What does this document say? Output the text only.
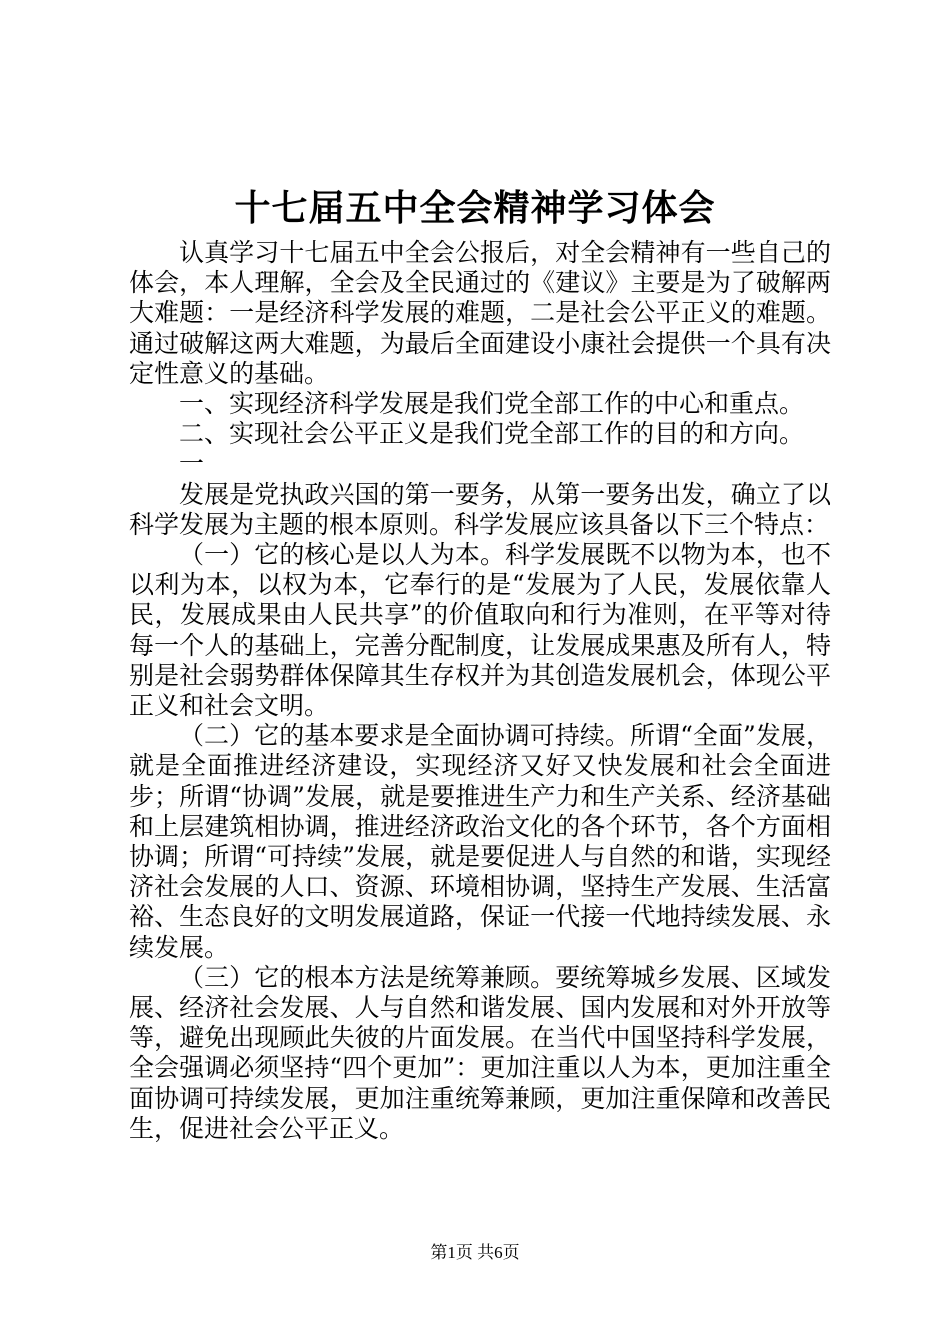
十七届五中全会精神学习体会

认真学习十七届五中全会公报后，对全会精神有一些自己的体会，本人理解，全会及全民通过的《建议》主要是为了破解两大难题：一是经济科学发展的难题，二是社会公平正义的难题。通过破解这两大难题，为最后全面建设小康社会提供一个具有决定性意义的基础。

一、实现经济科学发展是我们党全部工作的中心和重点。

二、实现社会公平正义是我们党全部工作的目的和方向。

一

发展是党执政兴国的第一要务，从第一要务出发，确立了以科学发展为主题的根本原则。科学发展应该具备以下三个特点：

（一）它的核心是以人为本。科学发展既不以物为本，也不以利为本，以权为本，它奉行的是“发展为了人民，发展依靠人民，发展成果由人民共享”的价值取向和行为准则，在平等对待每一个人的基础上，完善分配制度，让发展成果惠及所有人，特别是社会弱势群体保障其生存权并为其创造发展机会，体现公平正义和社会文明。

（二）它的基本要求是全面协调可持续。所谓“全面”发展，就是全面推进经济建设，实现经济又好又快发展和社会全面进步；所谓“协调”发展，就是要推进生产力和生产关系、经济基础和上层建筑相协调，推进经济政治文化的各个环节，各个方面相协调；所谓“可持续”发展，就是要促进人与自然的和谐，实现经济社会发展的人口、资源、环境相协调，坚持生产发展、生活富裕、生态良好的文明发展道路，保证一代接一代地持续发展、永续发展。

（三）它的根本方法是统筹兼顾。要统筹城乡发展、区域发展、经济社会发展、人与自然和谐发展、国内发展和对外开放等等，避免出现顾此失彼的片面发展。在当代中国坚持科学发展，全会强调必须坚持“四个更加”：更加注重以人为本，更加注重全面协调可持续发展，更加注重统筹兼顾，更加注重保障和改善民生，促进社会公平正义。

第1页 共6页
